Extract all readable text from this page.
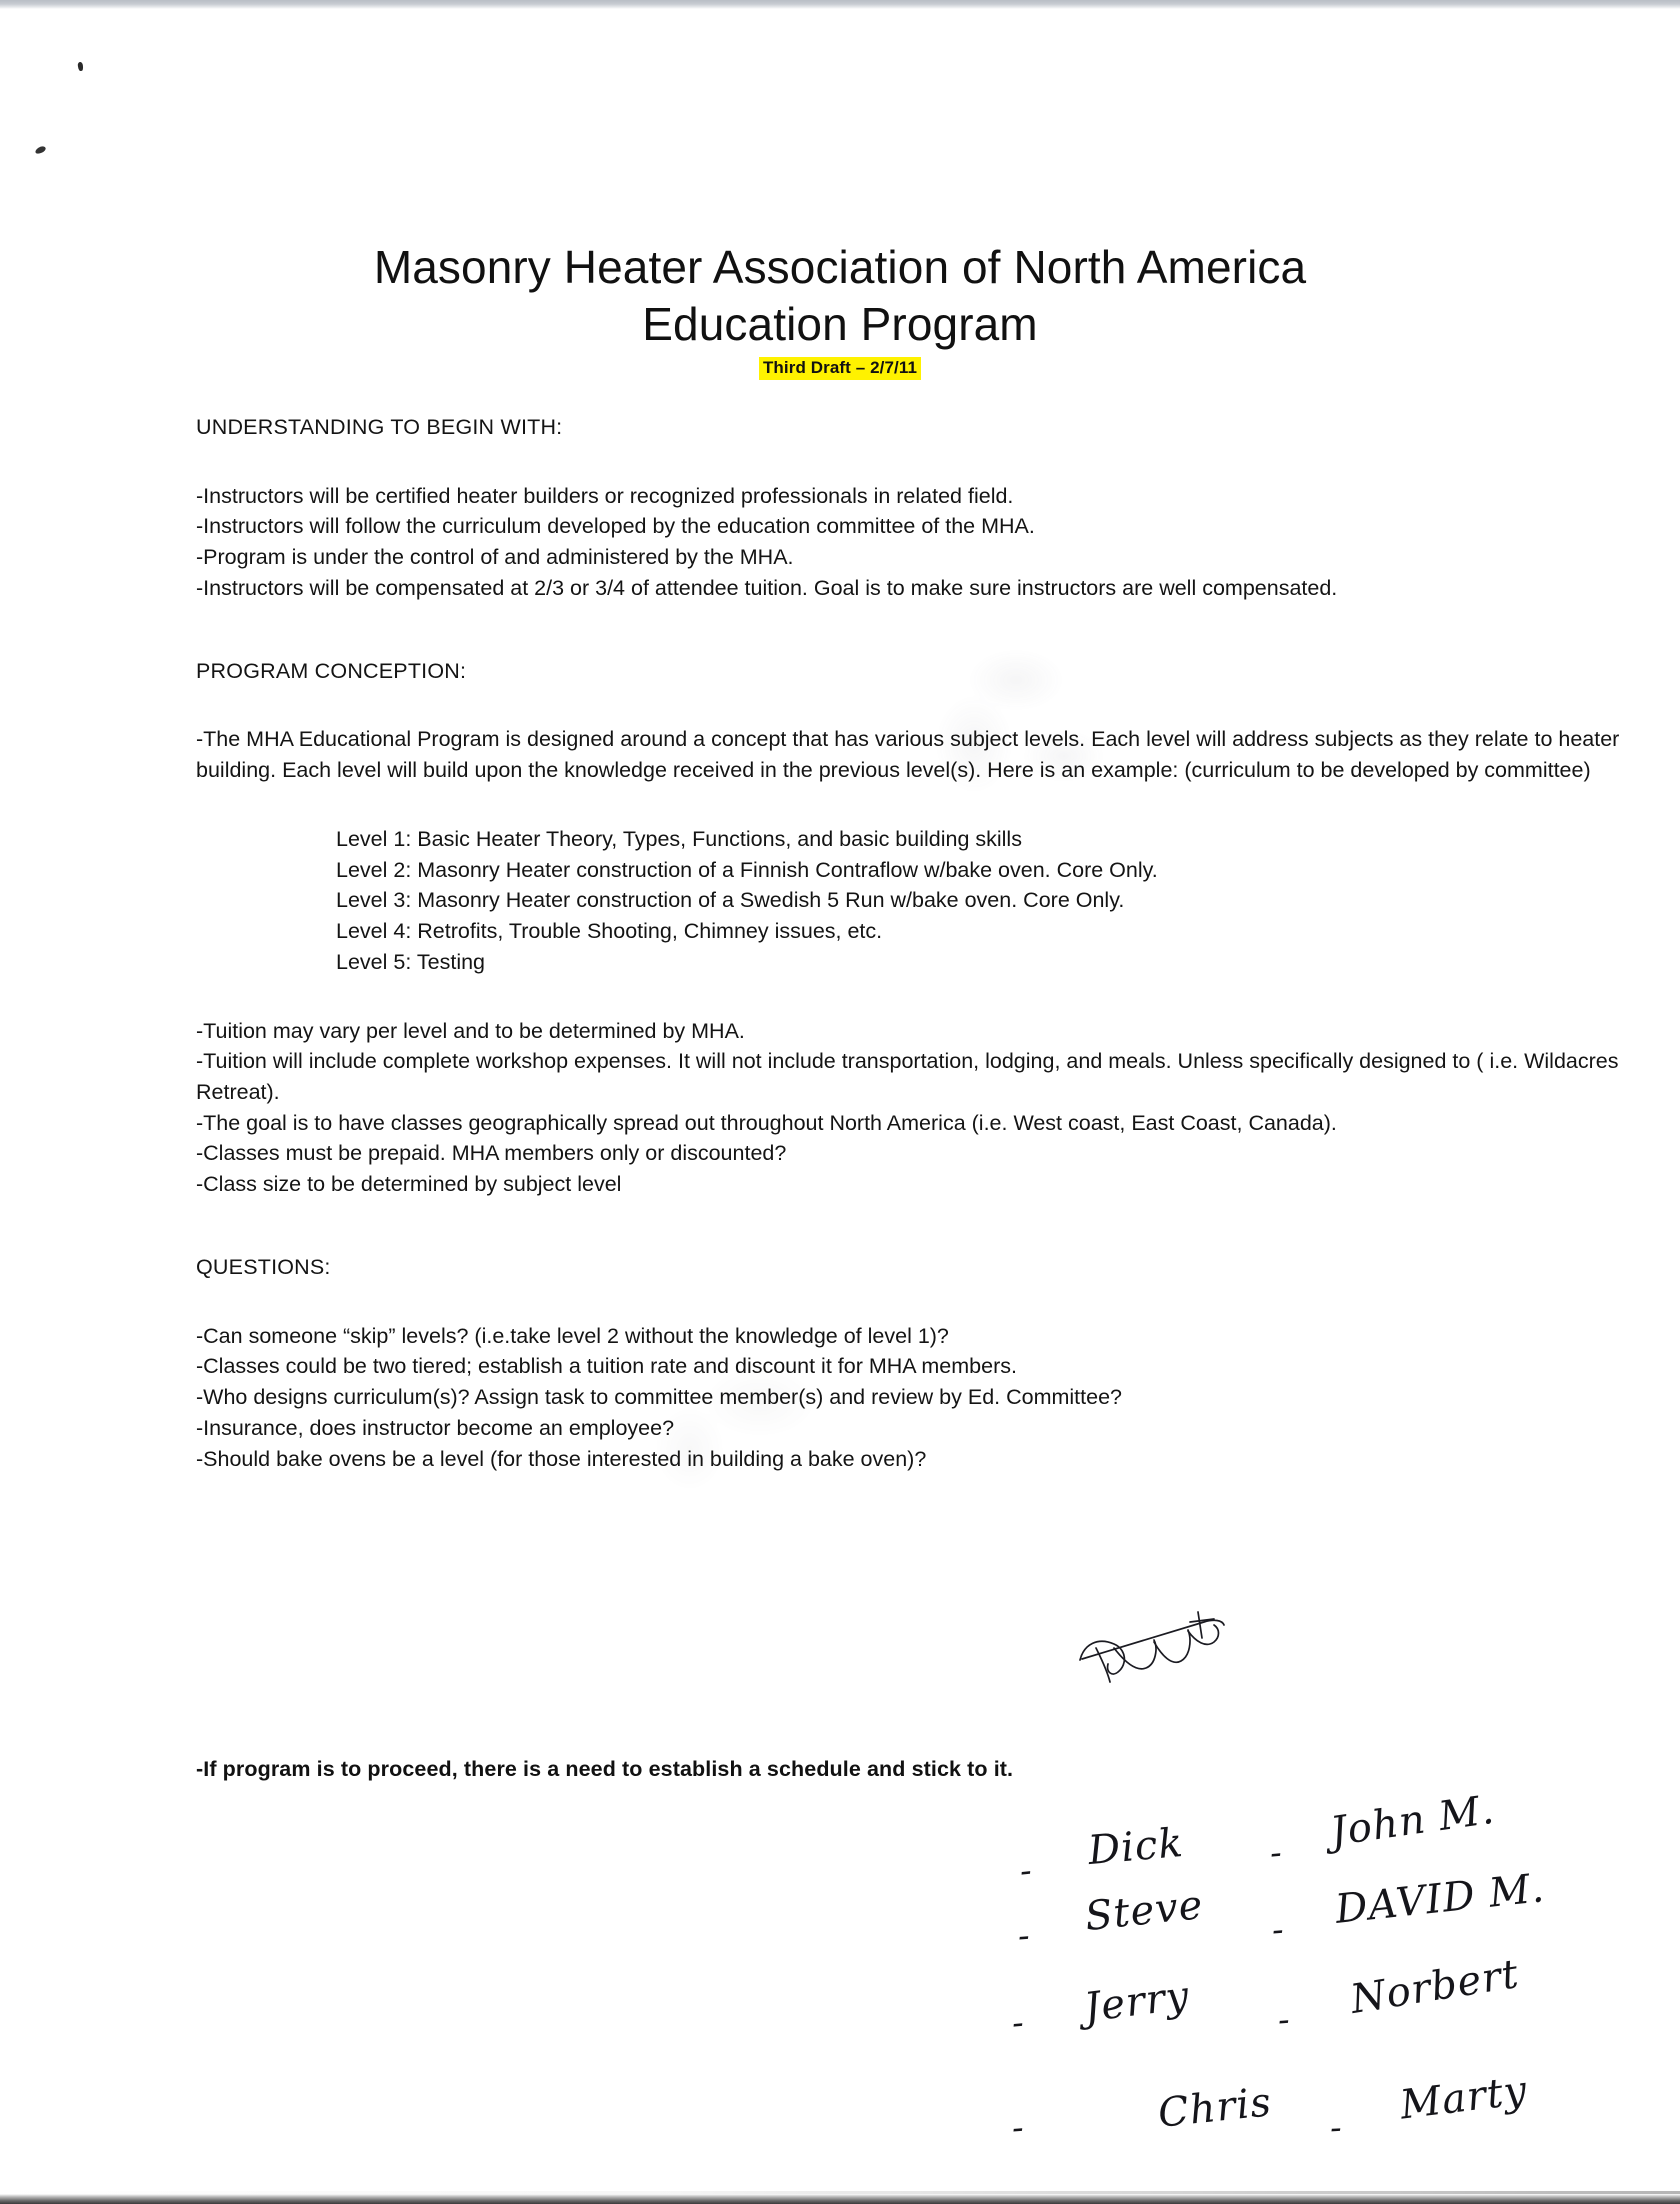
Masonry Heater Association of North America
Education Program
Third Draft – 2/7/11

UNDERSTANDING TO BEGIN WITH:

-Instructors will be certified heater builders or recognized professionals in related field.

-Instructors will follow the curriculum developed by the education committee of the MHA.

-Program is under the control of and administered by the MHA.

-Instructors will be compensated at 2/3 or 3/4 of attendee tuition. Goal is to make sure instructors are well compensated.

PROGRAM CONCEPTION:

-The MHA Educational Program is designed around a concept that has various subject levels. Each level will address subjects as they relate to heater building. Each level will build upon the knowledge received in the previous level(s). Here is an example: (curriculum to be developed by committee)

Level 1: Basic Heater Theory, Types, Functions, and basic building skills

Level 2: Masonry Heater construction of a Finnish Contraflow w/bake oven. Core Only.

Level 3: Masonry Heater construction of a Swedish 5 Run w/bake oven. Core Only.

Level 4: Retrofits, Trouble Shooting, Chimney issues, etc.

Level 5: Testing

-Tuition may vary per level and to be determined by MHA.

-Tuition will include complete workshop expenses. It will not include transportation, lodging, and meals. Unless specifically designed to ( i.e. Wildacres Retreat).

-The goal is to have classes geographically spread out throughout North America (i.e. West coast, East Coast, Canada).

-Classes must be prepaid. MHA members only or discounted?

-Class size to be determined by subject level

QUESTIONS:

-Can someone “skip” levels? (i.e.take level 2 without the knowledge of level 1)?

-Classes could be two tiered; establish a tuition rate and discount it for MHA members.

-Who designs curriculum(s)? Assign task to committee member(s) and review by Ed. Committee?

-Insurance, does instructor become an employee?

-Should bake ovens be a level (for those interested in building a bake oven)?

-If program is to proceed, there is a need to establish a schedule and stick to it.

- Dick
- Steve
- Jerry
-	Chris
- John M.
- DAVID M.
- Norbert
- Marty
